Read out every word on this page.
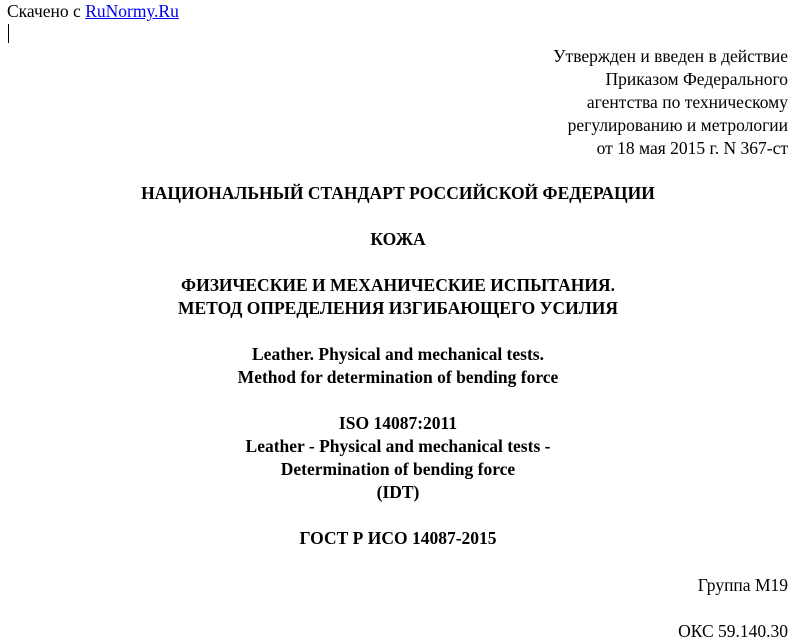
Скачено с RuNormy.Ru
Утвержден и введен в действие
Приказом Федерального
агентства по техническому
регулированию и метрологии
от 18 мая 2015 г. N 367-ст
НАЦИОНАЛЬНЫЙ СТАНДАРТ РОССИЙСКОЙ ФЕДЕРАЦИИ
КОЖА
ФИЗИЧЕСКИЕ И МЕХАНИЧЕСКИЕ ИСПЫТАНИЯ.
МЕТОД ОПРЕДЕЛЕНИЯ ИЗГИБАЮЩЕГО УСИЛИЯ
Leather. Physical and mechanical tests.
Method for determination of bending force
ISO 14087:2011
Leather - Physical and mechanical tests -
Determination of bending force
(IDT)
ГОСТ Р ИСО 14087-2015
Группа М19
ОКС 59.140.30
